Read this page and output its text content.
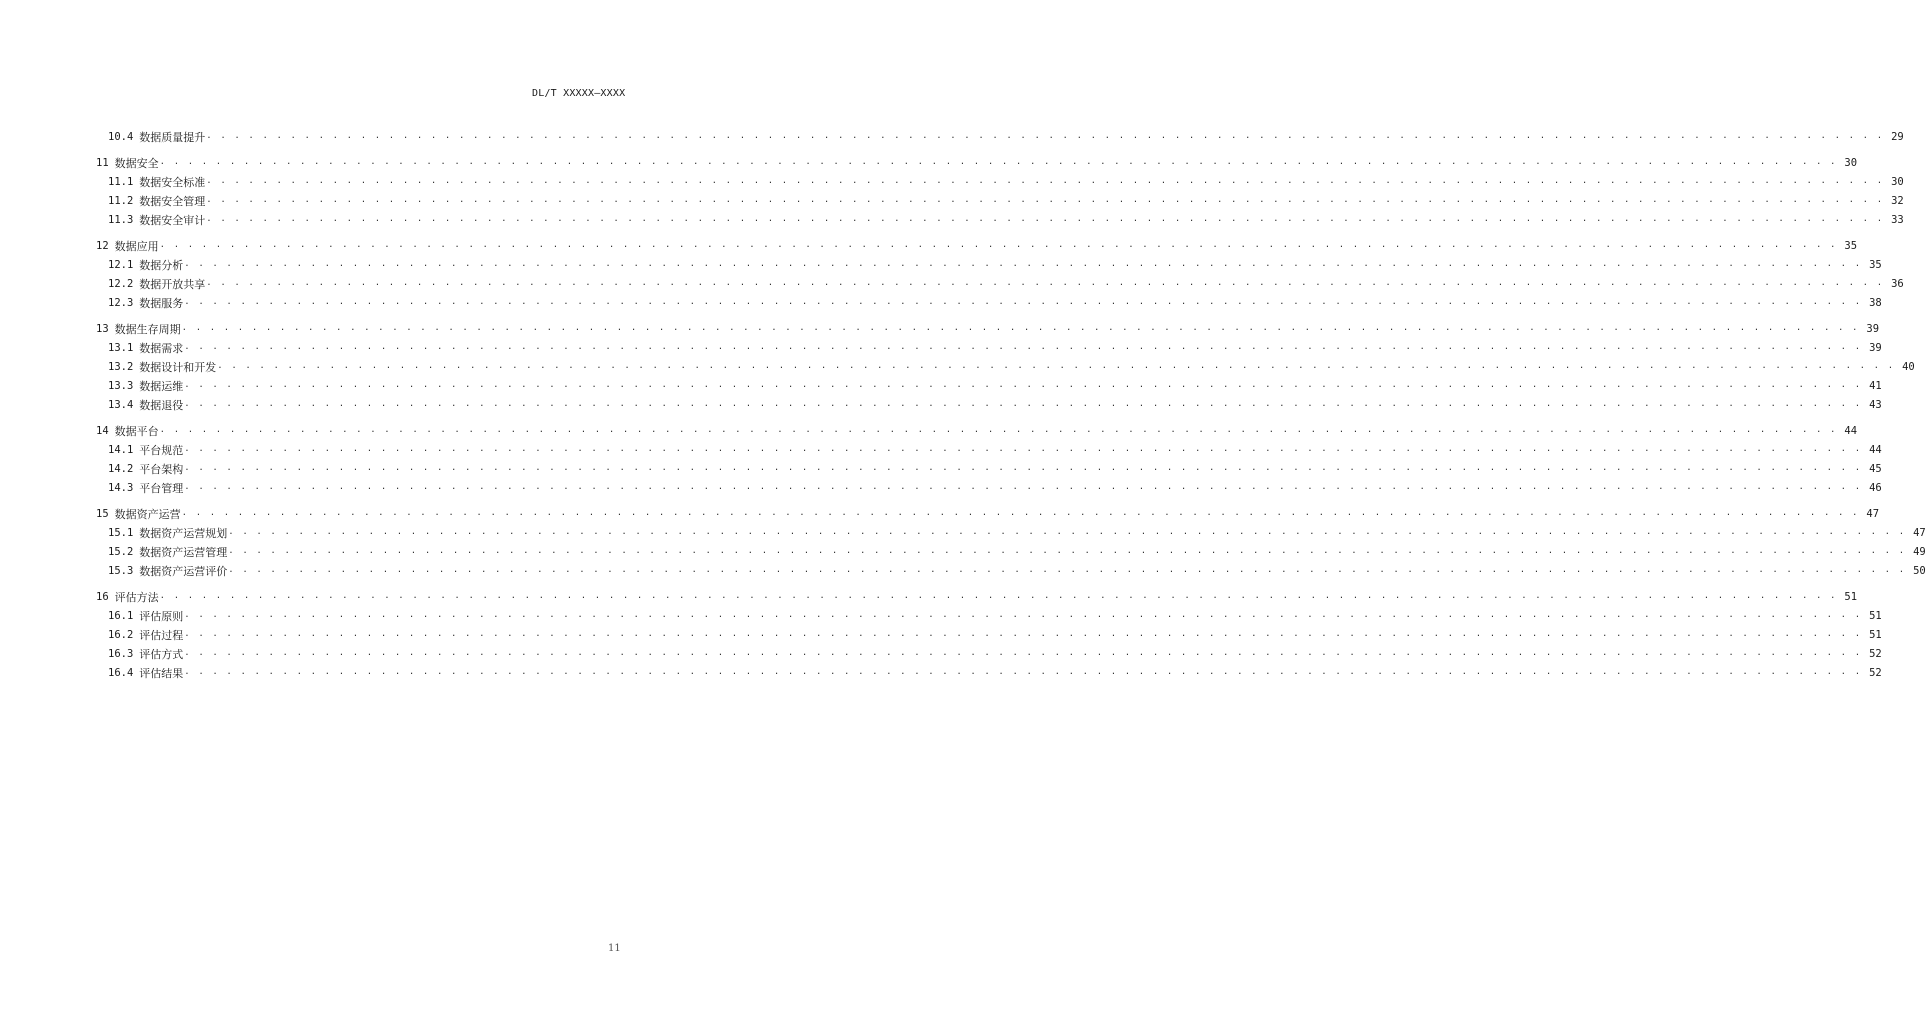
DL/T XXXXX—XXXX
10.4 数据质量提升 . . . . . . . . . . . . . . . . . . . . . . . . . . . . . . . . . . . . . . . . . . . . . . . . . . . . . . . . . . . . . . . . . . . . . . . . . . . . . . . . . . . . . . . . . . . . . . . . . . . . . . . . . . . . . . . . . . . . . . . . 29
11 数据安全 . . . . . . . . . . . . . . . . . . . . . . . . . . . . . . . . . . . . . . . . . . . . . . . . . . . . . . . . . . . . . . . . . . . . . . . . . . . . . . . . . . . . . . . . . . . . . . . . . . . . . . . . . . . . . . . . . . . . . . . . 30
11.1 数据安全标准 . . . . . . . . . . . . . . . . . . . . . . . . . . . . . . . . . . . . . . . . . . . . . . . . . . . . . . . . . . . . . . . . . . . . . . . . . . . . . . . . . . . . . . . . . . . . . . . . . . . . . . . . . . . . . . . . . . . . . . . . 30
11.2 数据安全管理 . . . . . . . . . . . . . . . . . . . . . . . . . . . . . . . . . . . . . . . . . . . . . . . . . . . . . . . . . . . . . . . . . . . . . . . . . . . . . . . . . . . . . . . . . . . . . . . . . . . . . . . . . . . . . . . . . . . . . . . . 32
11.3 数据安全审计 . . . . . . . . . . . . . . . . . . . . . . . . . . . . . . . . . . . . . . . . . . . . . . . . . . . . . . . . . . . . . . . . . . . . . . . . . . . . . . . . . . . . . . . . . . . . . . . . . . . . . . . . . . . . . . . . . . . . . . . . 33
12 数据应用 . . . . . . . . . . . . . . . . . . . . . . . . . . . . . . . . . . . . . . . . . . . . . . . . . . . . . . . . . . . . . . . . . . . . . . . . . . . . . . . . . . . . . . . . . . . . . . . . . . . . . . . . . . . . . . . . . . . . . . . . 35
12.1 数据分析 . . . . . . . . . . . . . . . . . . . . . . . . . . . . . . . . . . . . . . . . . . . . . . . . . . . . . . . . . . . . . . . . . . . . . . . . . . . . . . . . . . . . . . . . . . . . . . . . . . . . . . . . . . . . . . . . . . . . . . . . 35
12.2 数据开放共享 . . . . . . . . . . . . . . . . . . . . . . . . . . . . . . . . . . . . . . . . . . . . . . . . . . . . . . . . . . . . . . . . . . . . . . . . . . . . . . . . . . . . . . . . . . . . . . . . . . . . . . . . . . . . . . . . . . . . . . . . 36
12.3 数据服务 . . . . . . . . . . . . . . . . . . . . . . . . . . . . . . . . . . . . . . . . . . . . . . . . . . . . . . . . . . . . . . . . . . . . . . . . . . . . . . . . . . . . . . . . . . . . . . . . . . . . . . . . . . . . . . . . . . . . . . . . 38
13 数据生存周期 . . . . . . . . . . . . . . . . . . . . . . . . . . . . . . . . . . . . . . . . . . . . . . . . . . . . . . . . . . . . . . . . . . . . . . . . . . . . . . . . . . . . . . . . . . . . . . . . . . . . . . . . . . . . . . . . . . . . . . . . 39
13.1 数据需求 . . . . . . . . . . . . . . . . . . . . . . . . . . . . . . . . . . . . . . . . . . . . . . . . . . . . . . . . . . . . . . . . . . . . . . . . . . . . . . . . . . . . . . . . . . . . . . . . . . . . . . . . . . . . . . . . . . . . . . . . 39
13.2 数据设计和开发 . . . . . . . . . . . . . . . . . . . . . . . . . . . . . . . . . . . . . . . . . . . . . . . . . . . . . . . . . . . . . . . . . . . . . . . . . . . . . . . . . . . . . . . . . . . . . . . . . . . . . . . . . . . . . . . . . . . . . . . . 40
13.3 数据运维 . . . . . . . . . . . . . . . . . . . . . . . . . . . . . . . . . . . . . . . . . . . . . . . . . . . . . . . . . . . . . . . . . . . . . . . . . . . . . . . . . . . . . . . . . . . . . . . . . . . . . . . . . . . . . . . . . . . . . . . . 41
13.4 数据退役 . . . . . . . . . . . . . . . . . . . . . . . . . . . . . . . . . . . . . . . . . . . . . . . . . . . . . . . . . . . . . . . . . . . . . . . . . . . . . . . . . . . . . . . . . . . . . . . . . . . . . . . . . . . . . . . . . . . . . . . . 43
14 数据平台 . . . . . . . . . . . . . . . . . . . . . . . . . . . . . . . . . . . . . . . . . . . . . . . . . . . . . . . . . . . . . . . . . . . . . . . . . . . . . . . . . . . . . . . . . . . . . . . . . . . . . . . . . . . . . . . . . . . . . . . . 44
14.1 平台规范 . . . . . . . . . . . . . . . . . . . . . . . . . . . . . . . . . . . . . . . . . . . . . . . . . . . . . . . . . . . . . . . . . . . . . . . . . . . . . . . . . . . . . . . . . . . . . . . . . . . . . . . . . . . . . . . . . . . . . . . . 44
14.2 平台架构 . . . . . . . . . . . . . . . . . . . . . . . . . . . . . . . . . . . . . . . . . . . . . . . . . . . . . . . . . . . . . . . . . . . . . . . . . . . . . . . . . . . . . . . . . . . . . . . . . . . . . . . . . . . . . . . . . . . . . . . . 45
14.3 平台管理 . . . . . . . . . . . . . . . . . . . . . . . . . . . . . . . . . . . . . . . . . . . . . . . . . . . . . . . . . . . . . . . . . . . . . . . . . . . . . . . . . . . . . . . . . . . . . . . . . . . . . . . . . . . . . . . . . . . . . . . . 46
15 数据资产运营 . . . . . . . . . . . . . . . . . . . . . . . . . . . . . . . . . . . . . . . . . . . . . . . . . . . . . . . . . . . . . . . . . . . . . . . . . . . . . . . . . . . . . . . . . . . . . . . . . . . . . . . . . . . . . . . . . . . . . . . . 47
15.1 数据资产运营规划 . . . . . . . . . . . . . . . . . . . . . . . . . . . . . . . . . . . . . . . . . . . . . . . . . . . . . . . . . . . . . . . . . . . . . . . . . . . . . . . . . . . . . . . . . . . . . . . . . . . . . . . . . . . . . . . . . . . . . . . . 47
15.2 数据资产运营管理 . . . . . . . . . . . . . . . . . . . . . . . . . . . . . . . . . . . . . . . . . . . . . . . . . . . . . . . . . . . . . . . . . . . . . . . . . . . . . . . . . . . . . . . . . . . . . . . . . . . . . . . . . . . . . . . . . . . . . . . . 49
15.3 数据资产运营评价 . . . . . . . . . . . . . . . . . . . . . . . . . . . . . . . . . . . . . . . . . . . . . . . . . . . . . . . . . . . . . . . . . . . . . . . . . . . . . . . . . . . . . . . . . . . . . . . . . . . . . . . . . . . . . . . . . . . . . . . . 50
16 评估方法 . . . . . . . . . . . . . . . . . . . . . . . . . . . . . . . . . . . . . . . . . . . . . . . . . . . . . . . . . . . . . . . . . . . . . . . . . . . . . . . . . . . . . . . . . . . . . . . . . . . . . . . . . . . . . . . . . . . . . . . . 51
16.1 评估原则 . . . . . . . . . . . . . . . . . . . . . . . . . . . . . . . . . . . . . . . . . . . . . . . . . . . . . . . . . . . . . . . . . . . . . . . . . . . . . . . . . . . . . . . . . . . . . . . . . . . . . . . . . . . . . . . . . . . . . . . . 51
16.2 评估过程 . . . . . . . . . . . . . . . . . . . . . . . . . . . . . . . . . . . . . . . . . . . . . . . . . . . . . . . . . . . . . . . . . . . . . . . . . . . . . . . . . . . . . . . . . . . . . . . . . . . . . . . . . . . . . . . . . . . . . . . . 51
16.3 评估方式 . . . . . . . . . . . . . . . . . . . . . . . . . . . . . . . . . . . . . . . . . . . . . . . . . . . . . . . . . . . . . . . . . . . . . . . . . . . . . . . . . . . . . . . . . . . . . . . . . . . . . . . . . . . . . . . . . . . . . . . . 52
16.4 评估结果 . . . . . . . . . . . . . . . . . . . . . . . . . . . . . . . . . . . . . . . . . . . . . . . . . . . . . . . . . . . . . . . . . . . . . . . . . . . . . . . . . . . . . . . . . . . . . . . . . . . . . . . . . . . . . . . . . . . . . . . . 52
11
